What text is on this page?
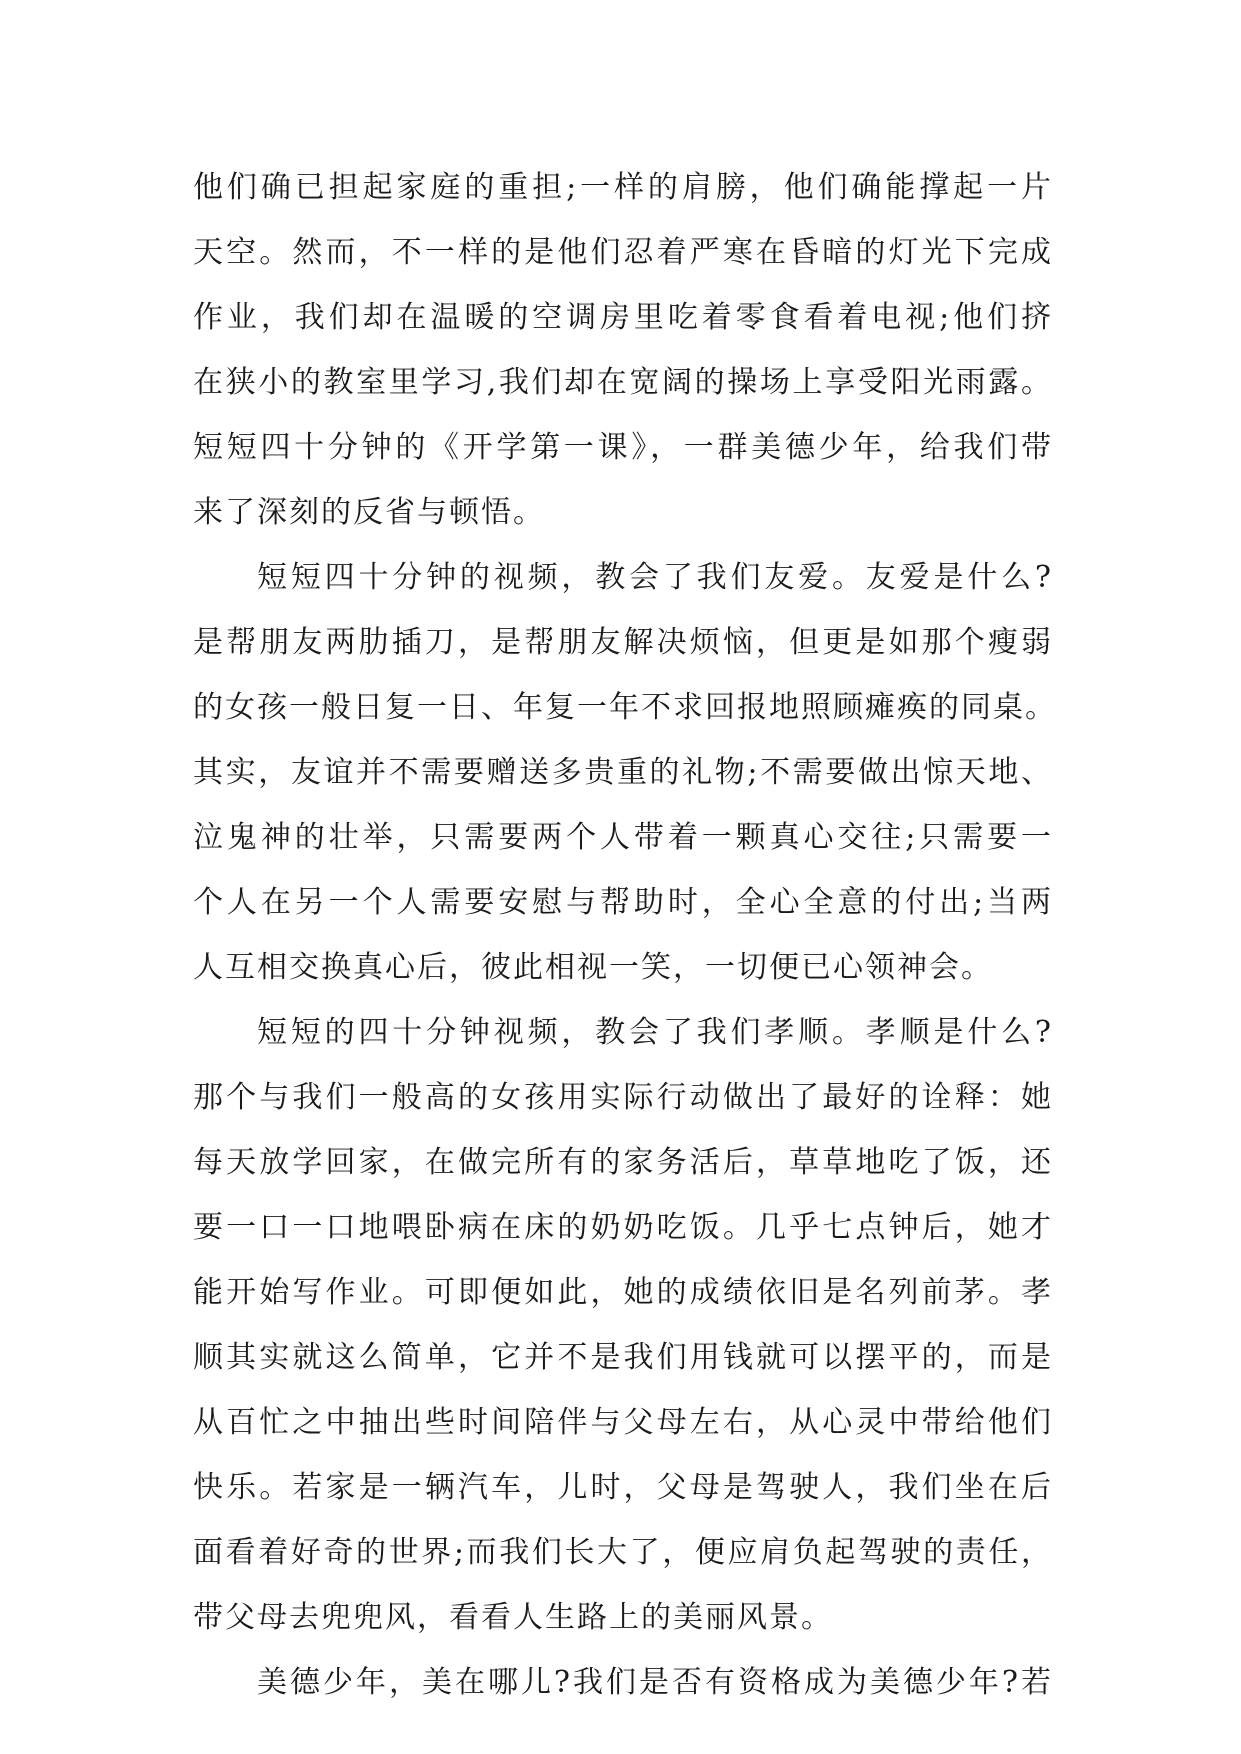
他们确已担起家庭的重担;一样的肩膀，他们确能撑起一片
天空。然而，不一样的是他们忍着严寒在昏暗的灯光下完成
作业，我们却在温暖的空调房里吃着零食看着电视;他们挤
在狭小的教室里学习,我们却在宽阔的操场上享受阳光雨露。
短短四十分钟的《开学第一课》，一群美德少年，给我们带
来了深刻的反省与顿悟。
短短四十分钟的视频，教会了我们友爱。友爱是什么?
是帮朋友两肋插刀，是帮朋友解决烦恼，但更是如那个瘦弱
的女孩一般日复一日、年复一年不求回报地照顾瘫痪的同桌。
其实，友谊并不需要赠送多贵重的礼物;不需要做出惊天地、
泣鬼神的壮举，只需要两个人带着一颗真心交往;只需要一
个人在另一个人需要安慰与帮助时，全心全意的付出;当两
人互相交换真心后，彼此相视一笑，一切便已心领神会。
短短的四十分钟视频，教会了我们孝顺。孝顺是什么?
那个与我们一般高的女孩用实际行动做出了最好的诠释：她
每天放学回家，在做完所有的家务活后，草草地吃了饭，还
要一口一口地喂卧病在床的奶奶吃饭。几乎七点钟后，她才
能开始写作业。可即便如此，她的成绩依旧是名列前茅。孝
顺其实就这么简单，它并不是我们用钱就可以摆平的，而是
从百忙之中抽出些时间陪伴与父母左右，从心灵中带给他们
快乐。若家是一辆汽车，儿时，父母是驾驶人，我们坐在后
面看着好奇的世界;而我们长大了，便应肩负起驾驶的责任，
带父母去兜兜风，看看人生路上的美丽风景。
美德少年，美在哪儿?我们是否有资格成为美德少年?若
